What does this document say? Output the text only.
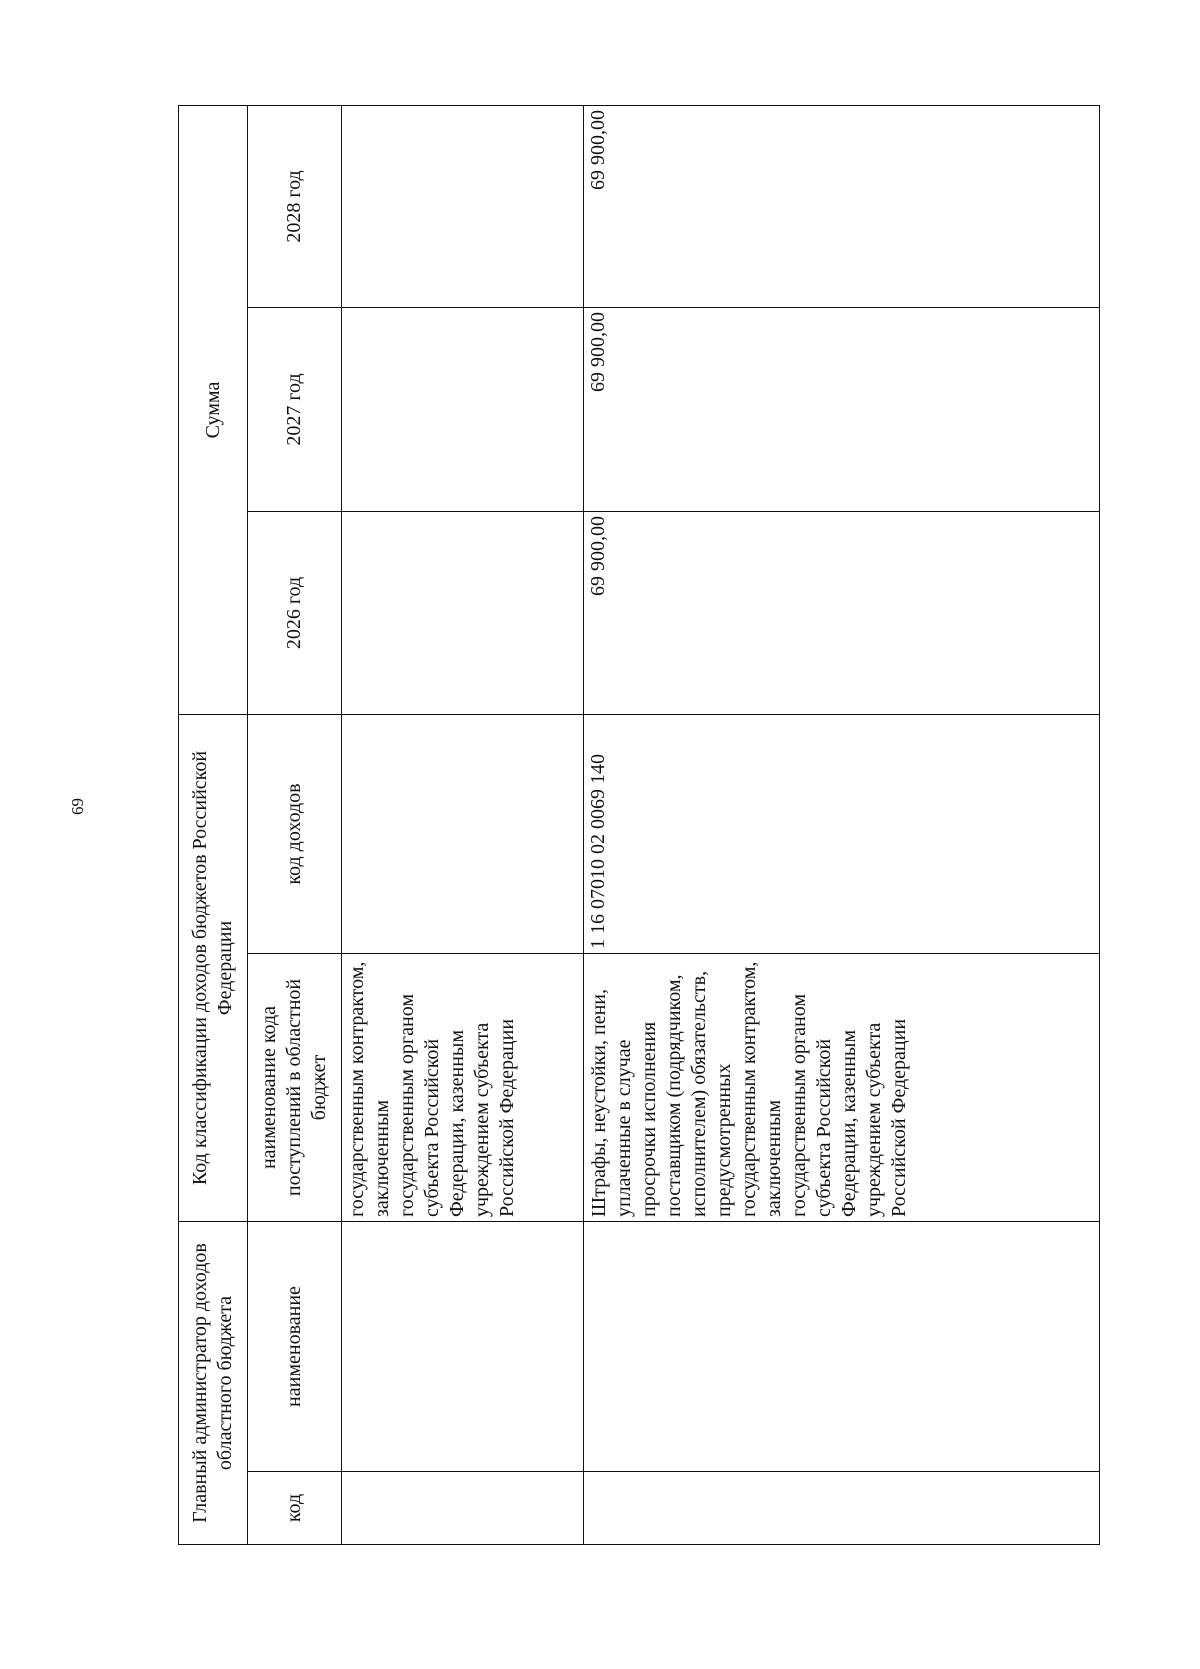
69
Главный администратор доходов областного бюджета		Код классификации доходов бюджетов Российской Федерации		Сумма		
код	наименование	наименование кода поступлений в областной бюджет	код доходов	2026 год	2027 год	2028 год
		государственным контрактом, заключенным государственным органом субъекта Российской Федерации, казенным учреждением субъекта Российской Федерации				
		Штрафы, неустойки, пени, уплаченные в случае просрочки исполнения поставщиком (подрядчиком, исполнителем) обязательств, предусмотренных государственным контрактом, заключенным государственным органом субъекта Российской Федерации, казенным учреждением субъекта Российской Федерации	1 16 07010 02 0069 140	69 900,00	69 900,00	69 900,00
